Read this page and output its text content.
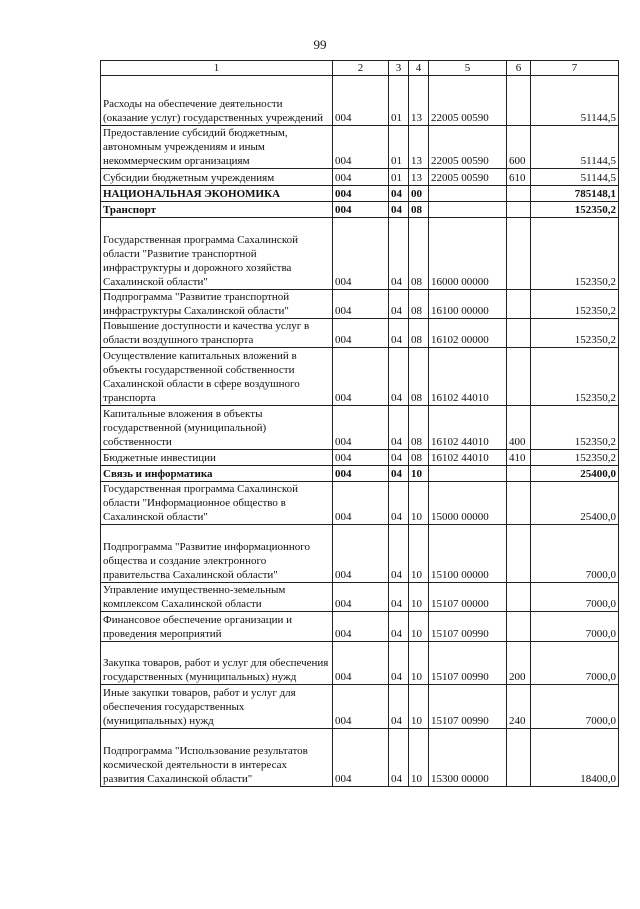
99
1	2	3	4	5	6	7
Расходы на обеспечение деятельности (оказание услуг) государственных учреждений	004	01	13	22005 00590		51144,5
Предоставление субсидий бюджетным, автономным учреждениям и иным некоммерческим организациям	004	01	13	22005 00590	600	51144,5
Субсидии бюджетным учреждениям	004	01	13	22005 00590	610	51144,5
НАЦИОНАЛЬНАЯ ЭКОНОМИКА	004	04	00			785148,1
Транспорт	004	04	08			152350,2
Государственная программа Сахалинской области "Развитие транспортной инфраструктуры и дорожного хозяйства Сахалинской области"	004	04	08	16000 00000		152350,2
Подпрограмма "Развитие транспортной инфраструктуры Сахалинской области"	004	04	08	16100 00000		152350,2
Повышение доступности и качества услуг в области воздушного транспорта	004	04	08	16102 00000		152350,2
Осуществление капитальных вложений в объекты государственной собственности Сахалинской области в сфере воздушного транспорта	004	04	08	16102 44010		152350,2
Капитальные вложения в объекты государственной (муниципальной) собственности	004	04	08	16102 44010	400	152350,2
Бюджетные инвестиции	004	04	08	16102 44010	410	152350,2
Связь и информатика	004	04	10			25400,0
Государственная программа Сахалинской области "Информационное общество в Сахалинской области"	004	04	10	15000 00000		25400,0
Подпрограмма "Развитие информационного общества и создание электронного правительства Сахалинской области"	004	04	10	15100 00000		7000,0
Управление имущественно-земельным комплексом Сахалинской области	004	04	10	15107 00000		7000,0
Финансовое обеспечение организации и проведения мероприятий	004	04	10	15107 00990		7000,0
Закупка товаров, работ и услуг для обеспечения государственных (муниципальных) нужд	004	04	10	15107 00990	200	7000,0
Иные закупки товаров, работ и услуг для обеспечения государственных (муниципальных) нужд	004	04	10	15107 00990	240	7000,0
Подпрограмма "Использование результатов космической деятельности в интересах развития Сахалинской области"	004	04	10	15300 00000		18400,0
